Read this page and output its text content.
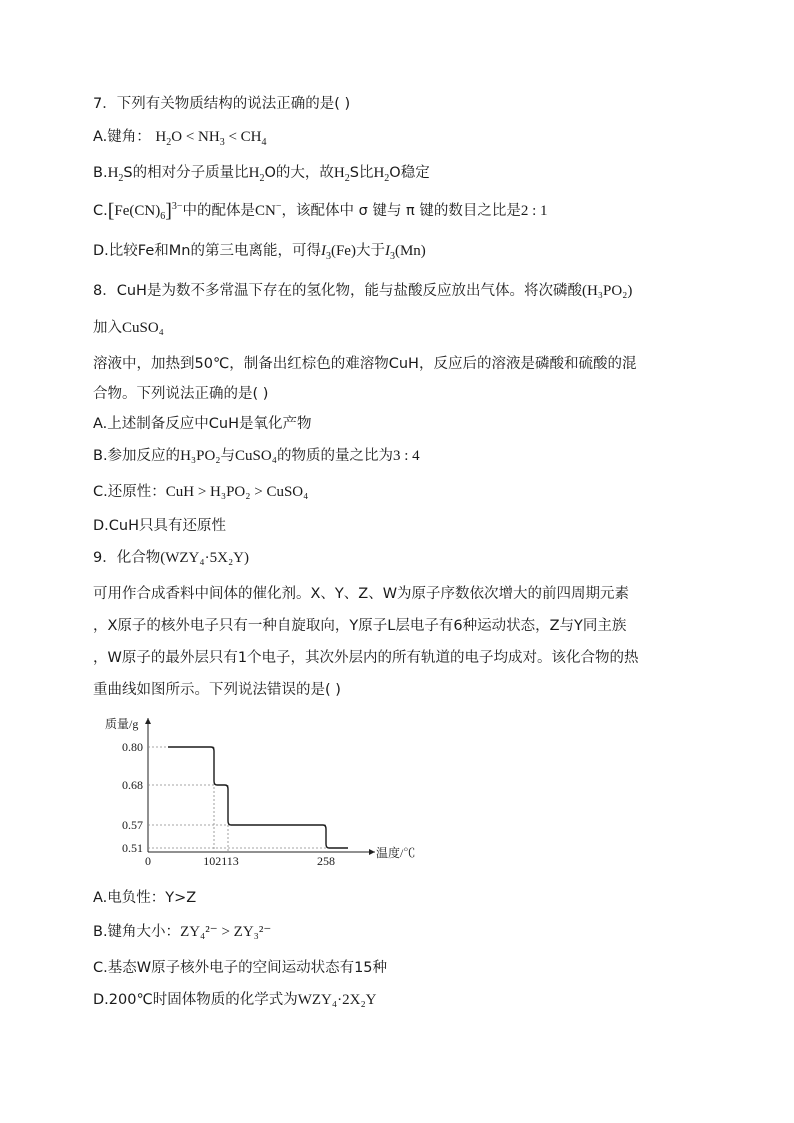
7．下列有关物质结构的说法正确的是( )
A.键角： $H_2O < NH_3 < CH_4$
$B.H_2S$的相对分子质量比$H_2O$的大，故$H_2S$比$H_2O$稳定
$C.[Fe(CN)_6]^{3-}$中的配体是CN−，该配体中 σ 键与 π 键的数目之比是2 : 1
D.比较Fe和Mn的第三电离能，可得$I_3(Fe)$大于$I_3(Mn)$
8．CuH是为数不多常温下存在的氢化物，能与盐酸反应放出气体。将次磷酸(H₃PO₂)
加入CuSO₄
溶液中，加热到50℃，制备出红棕色的难溶物CuH，反应后的溶液是磷酸和硫酸的混
合物。下列说法正确的是( )
A.上述制备反应中CuH是氧化产物
B.参加反应的H₃PO₂与CuSO₄的物质的量之比为3 : 4
C.还原性：CuH > H₃PO₂ > CuSO₄
D.CuH只具有还原性
9．化合物(WZY₄·5X₂Y)
可用作合成香料中间体的催化剂。X、Y、Z、W为原子序数依次增大的前四周期元素
，X原子的核外电子只有一种自旋取向，Y原子L层电子有6种运动状态，Z与Y同主族
，W原子的最外层只有1个电子，其次外层内的所有轨道的电子均成对。该化合物的热
重曲线如图所示。下列说法错误的是( )
质量/g
温度/℃
0.80
0.68
0.57
0.51
0	102113	258
A.电负性：Y>Z
B.键角大小：ZY₄²⁻ > ZY₃²⁻
C.基态W原子核外电子的空间运动状态有15种
D.200℃时固体物质的化学式为WZY₄·2X₂Y
